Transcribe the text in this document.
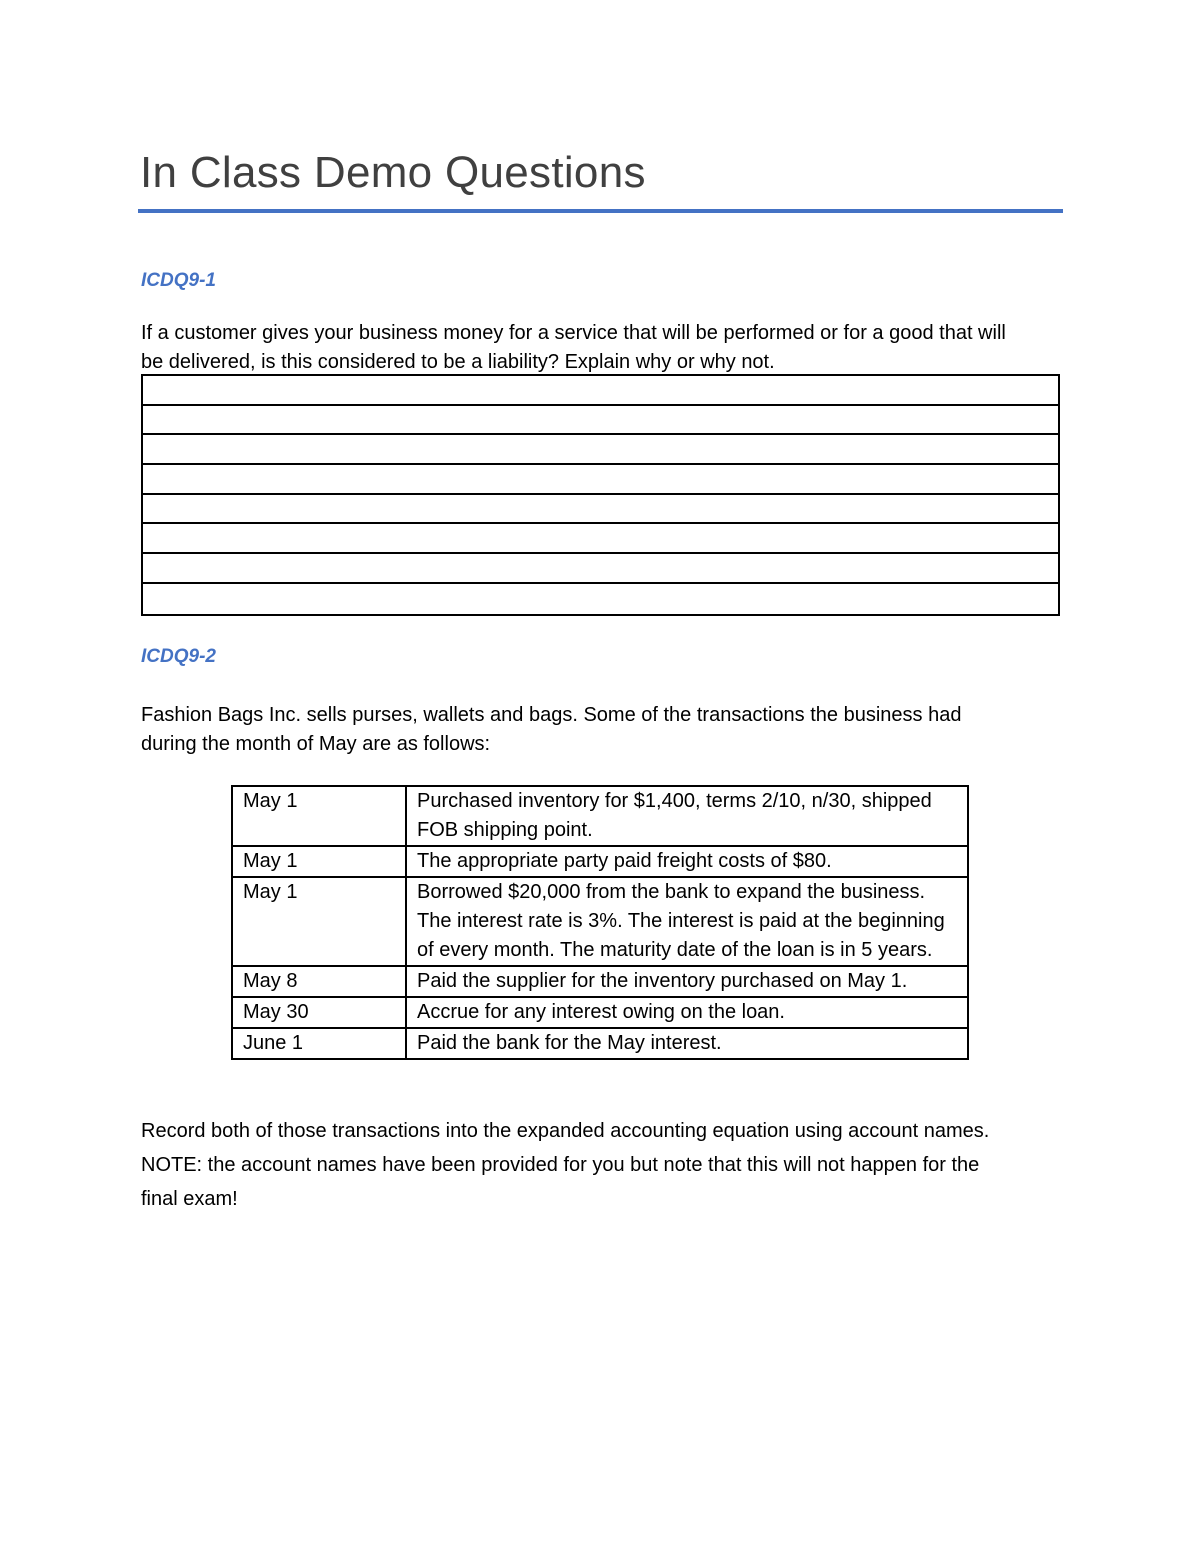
In Class Demo Questions
ICDQ9-1
If a customer gives your business money for a service that will be performed or for a good that will be delivered, is this considered to be a liability? Explain why or why not.
ICDQ9-2
Fashion Bags Inc. sells purses, wallets and bags. Some of the transactions the business had during the month of May are as follows:
May 1	Purchased inventory for $1,400, terms 2/10, n/30, shipped FOB shipping point.
May 1	The appropriate party paid freight costs of $80.
May 1	Borrowed $20,000 from the bank to expand the business. The interest rate is 3%. The interest is paid at the beginning of every month. The maturity date of the loan is in 5 years.
May 8	Paid the supplier for the inventory purchased on May 1.
May 30	Accrue for any interest owing on the loan.
June 1	Paid the bank for the May interest.
Record both of those transactions into the expanded accounting equation using account names. NOTE: the account names have been provided for you but note that this will not happen for the final exam!
